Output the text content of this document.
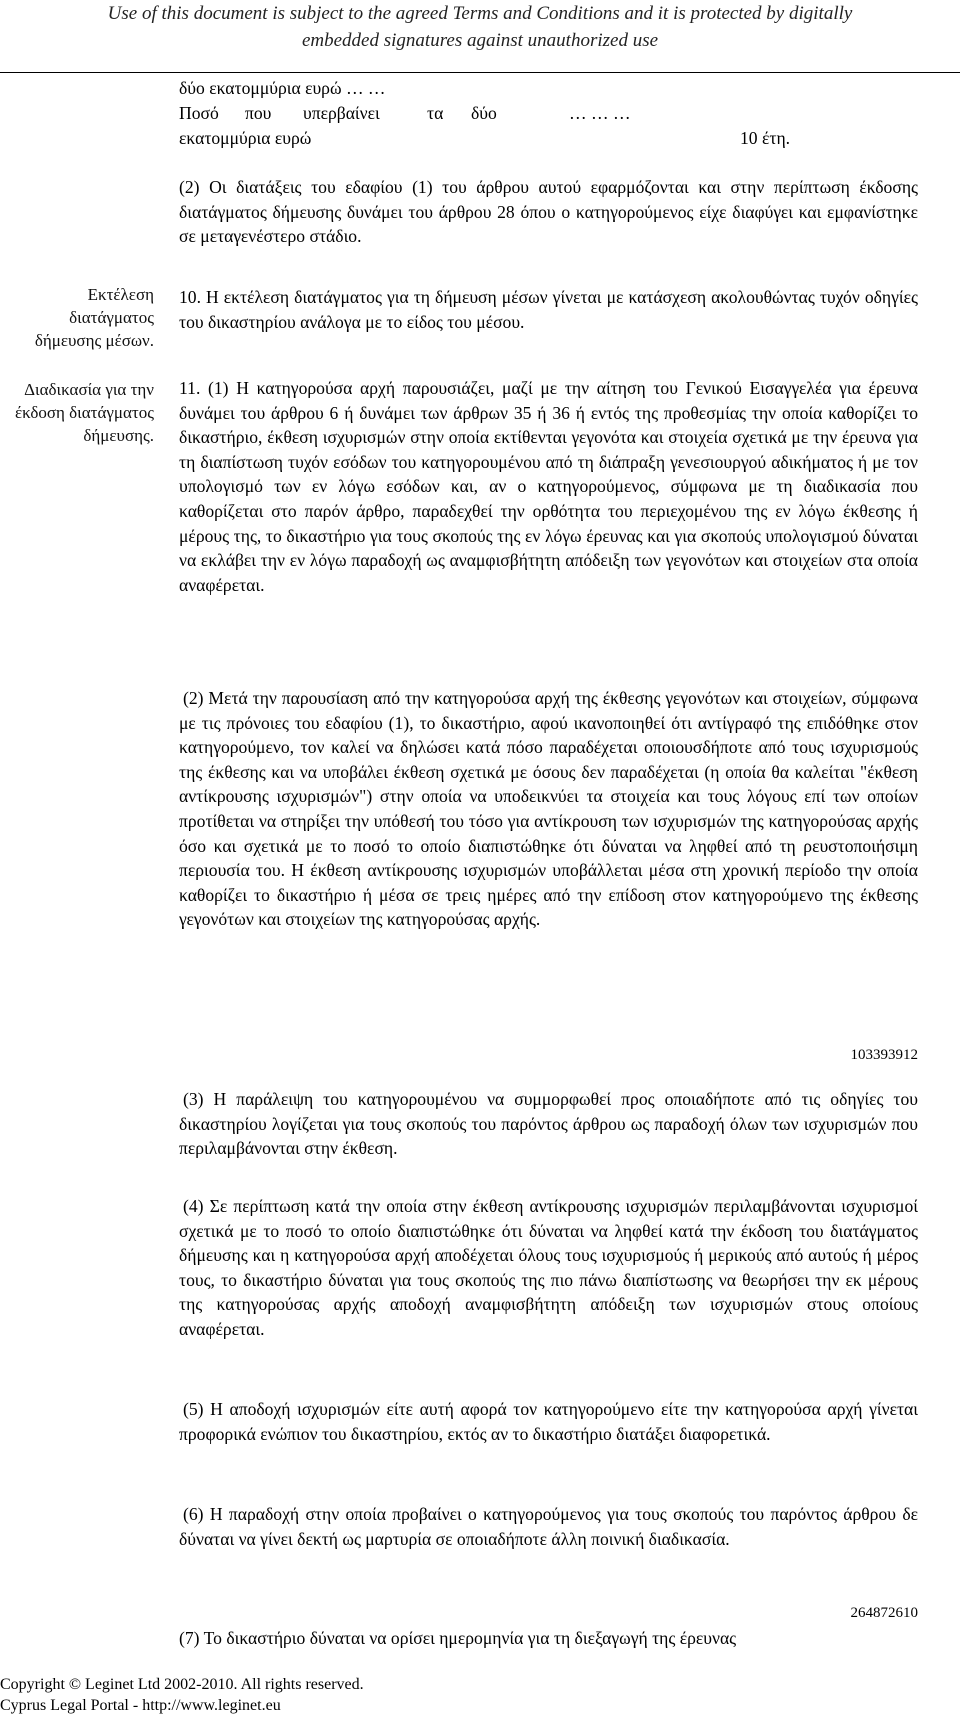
Use of this document is subject to the agreed Terms and Conditions and it is protected by digitally
embedded signatures against unauthorized use
δύο εκατομμύρια ευρώ … …
Ποσό	που	υπερβαίνει	τα	δύο	… … …
εκατομμύρια ευρώ	10 έτη.

(2) Οι διατάξεις του εδαφίου (1) του άρθρου αυτού εφαρμόζονται και στην περίπτωση έκδοσης διατάγματος δήμευσης δυνάμει του άρθρου 28 όπου ο κατηγορούμενος είχε διαφύγει και εμφανίστηκε σε μεταγενέστερο στάδιο.

Εκτέλεση διατάγματος δήμευσης μέσων.

10. Η εκτέλεση διατάγματος για τη δήμευση μέσων γίνεται με κατάσχεση ακολουθώντας τυχόν οδηγίες του δικαστηρίου ανάλογα με το είδος του μέσου.

Διαδικασία για την έκδοση διατάγματος δήμευσης.

11. (1) Η κατηγορούσα αρχή παρουσιάζει, μαζί με την αίτηση του Γενικού Εισαγγελέα για έρευνα δυνάμει του άρθρου 6 ή δυνάμει των άρθρων 35 ή 36 ή εντός της προθεσμίας την οποία καθορίζει το δικαστήριο, έκθεση ισχυρισμών στην οποία εκτίθενται γεγονότα και στοιχεία σχετικά με την έρευνα για τη διαπίστωση τυχόν εσόδων του κατηγορουμένου από τη διάπραξη γενεσιουργού αδικήματος ή με τον υπολογισμό των εν λόγω εσόδων και, αν ο κατηγορούμενος, σύμφωνα με τη διαδικασία που καθορίζεται στο παρόν άρθρο, παραδεχθεί την ορθότητα του περιεχομένου της εν λόγω έκθεσης ή μέρους της, το δικαστήριο για τους σκοπούς της εν λόγω έρευνας και για σκοπούς υπολογισμού δύναται να εκλάβει την εν λόγω παραδοχή ως αναμφισβήτητη απόδειξη των γεγονότων και στοιχείων στα οποία αναφέρεται.

(2) Μετά την παρουσίαση από την κατηγορούσα αρχή της έκθεσης γεγονότων και στοιχείων, σύμφωνα με τις πρόνοιες του εδαφίου (1), το δικαστήριο, αφού ικανοποιηθεί ότι αντίγραφό της επιδόθηκε στον κατηγορούμενο, τον καλεί να δηλώσει κατά πόσο παραδέχεται οποιουσδήποτε από τους ισχυρισμούς της έκθεσης και να υποβάλει έκθεση σχετικά με όσους δεν παραδέχεται (η οποία θα καλείται "έκθεση αντίκρουσης ισχυρισμών") στην οποία να υποδεικνύει τα στοιχεία και τους λόγους επί των οποίων προτίθεται να στηρίξει την υπόθεσή του τόσο για αντίκρουση των ισχυρισμών της κατηγορούσας αρχής όσο και σχετικά με το ποσό το οποίο διαπιστώθηκε ότι δύναται να ληφθεί από τη ρευστοποιήσιμη περιουσία του. Η έκθεση αντίκρουσης ισχυρισμών υποβάλλεται μέσα στη χρονική περίοδο την οποία καθορίζει το δικαστήριο ή μέσα σε τρεις ημέρες από την επίδοση στον κατηγορούμενο της έκθεσης γεγονότων και στοιχείων της κατηγορούσας αρχής.

103393912

(3) Η παράλειψη του κατηγορουμένου να συμμορφωθεί προς οποιαδήποτε από τις οδηγίες του δικαστηρίου λογίζεται για τους σκοπούς του παρόντος άρθρου ως παραδοχή όλων των ισχυρισμών που περιλαμβάνονται στην έκθεση.

(4) Σε περίπτωση κατά την οποία στην έκθεση αντίκρουσης ισχυρισμών περιλαμβάνονται ισχυρισμοί σχετικά με το ποσό το οποίο διαπιστώθηκε ότι δύναται να ληφθεί κατά την έκδοση του διατάγματος δήμευσης και η κατηγορούσα αρχή αποδέχεται όλους τους ισχυρισμούς ή μερικούς από αυτούς ή μέρος τους, το δικαστήριο δύναται για τους σκοπούς της πιο πάνω διαπίστωσης να θεωρήσει την εκ μέρους της κατηγορούσας αρχής αποδοχή αναμφισβήτητη απόδειξη των ισχυρισμών στους οποίους αναφέρεται.

(5) Η αποδοχή ισχυρισμών είτε αυτή αφορά τον κατηγορούμενο είτε την κατηγορούσα αρχή γίνεται προφορικά ενώπιον του δικαστηρίου, εκτός αν το δικαστήριο διατάξει διαφορετικά.

(6) Η παραδοχή στην οποία προβαίνει ο κατηγορούμενος για τους σκοπούς του παρόντος άρθρου δε δύναται να γίνει δεκτή ως μαρτυρία σε οποιαδήποτε άλλη ποινική διαδικασία.

264872610

(7) Το δικαστήριο δύναται να ορίσει ημερομηνία για τη διεξαγωγή της έρευνας

Copyright © Leginet Ltd 2002-2010. All rights reserved.
Cyprus Legal Portal - http://www.leginet.eu
